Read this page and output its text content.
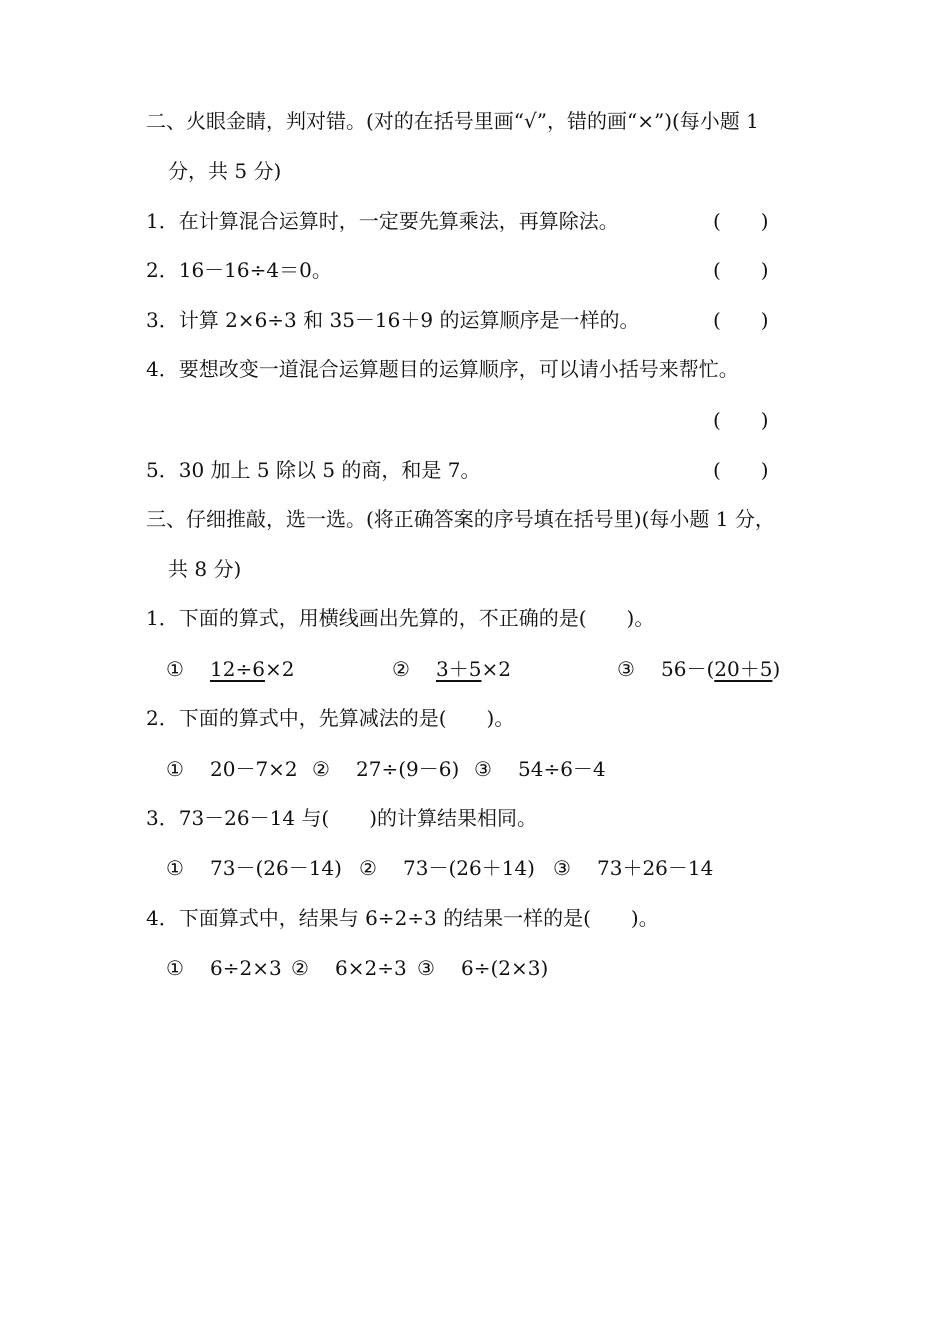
二、火眼金睛，判对错。(对的在括号里画“√”，错的画“×”)(每小题 1
分，共 5 分)
1．在计算混合运算时，一定要先算乘法，再算除法。	(　　)
2．16－16÷4＝0。	(　　)
3．计算 2×6÷3 和 35－16＋9 的运算顺序是一样的。	(　　)
4．要想改变一道混合运算题目的运算顺序，可以请小括号来帮忙。
(　　)
5．30 加上 5 除以 5 的商，和是 7。	(　　)
三、仔细推敲，选一选。(将正确答案的序号填在括号里)(每小题 1 分，
共 8 分)
1．下面的算式，用横线画出先算的，不正确的是(　　)。
① 12÷6×2	② 3＋5×2	③ 56－(20＋5)
2．下面的算式中，先算减法的是(　　)。
① 20－7×2 ② 27÷(9－6) ③ 54÷6－4
3．73－26－14 与(　　)的计算结果相同。
① 73－(26－14) ② 73－(26＋14) ③ 73＋26－14
4．下面算式中，结果与 6÷2÷3 的结果一样的是(　　)。
① 6÷2×3 ② 6×2÷3 ③ 6÷(2×3)
